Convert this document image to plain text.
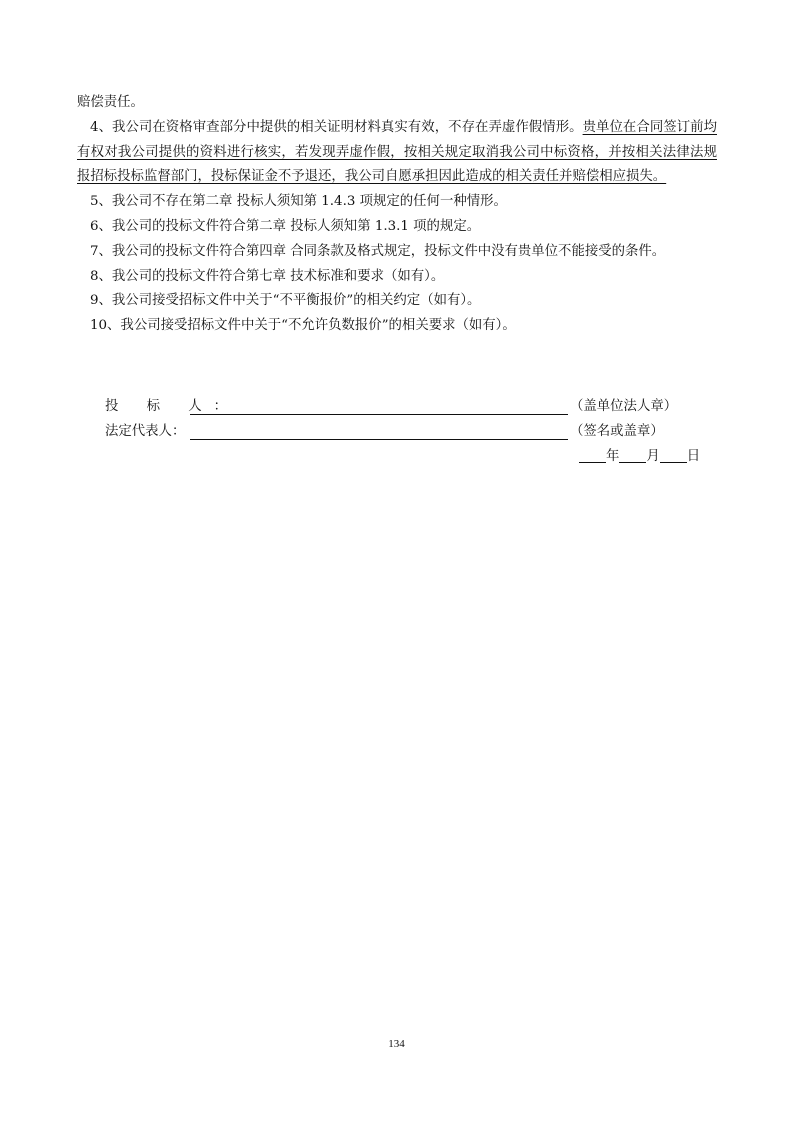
赔偿责任。

4、我公司在资格审查部分中提供的相关证明材料真实有效，不存在弄虚作假情形。贵单位在合同签订前均有权对我公司提供的资料进行核实，若发现弄虚作假，按相关规定取消我公司中标资格，并按相关法律法规报招标投标监督部门，投标保证金不予退还，我公司自愿承担因此造成的相关责任并赔偿相应损失。

5、我公司不存在第二章 投标人须知第 1.4.3 项规定的任何一种情形。

6、我公司的投标文件符合第二章 投标人须知第 1.3.1 项的规定。

7、我公司的投标文件符合第四章 合同条款及格式规定，投标文件中没有贵单位不能接受的条件。

8、我公司的投标文件符合第七章 技术标准和要求（如有）。

9、我公司接受招标文件中关于“不平衡报价”的相关约定（如有）。

10、我公司接受招标文件中关于“不允许负数报价”的相关要求（如有）。

投 标 人：	（盖单位法人章）
法定代表人：	（签名或盖章）
年 月 日
134
